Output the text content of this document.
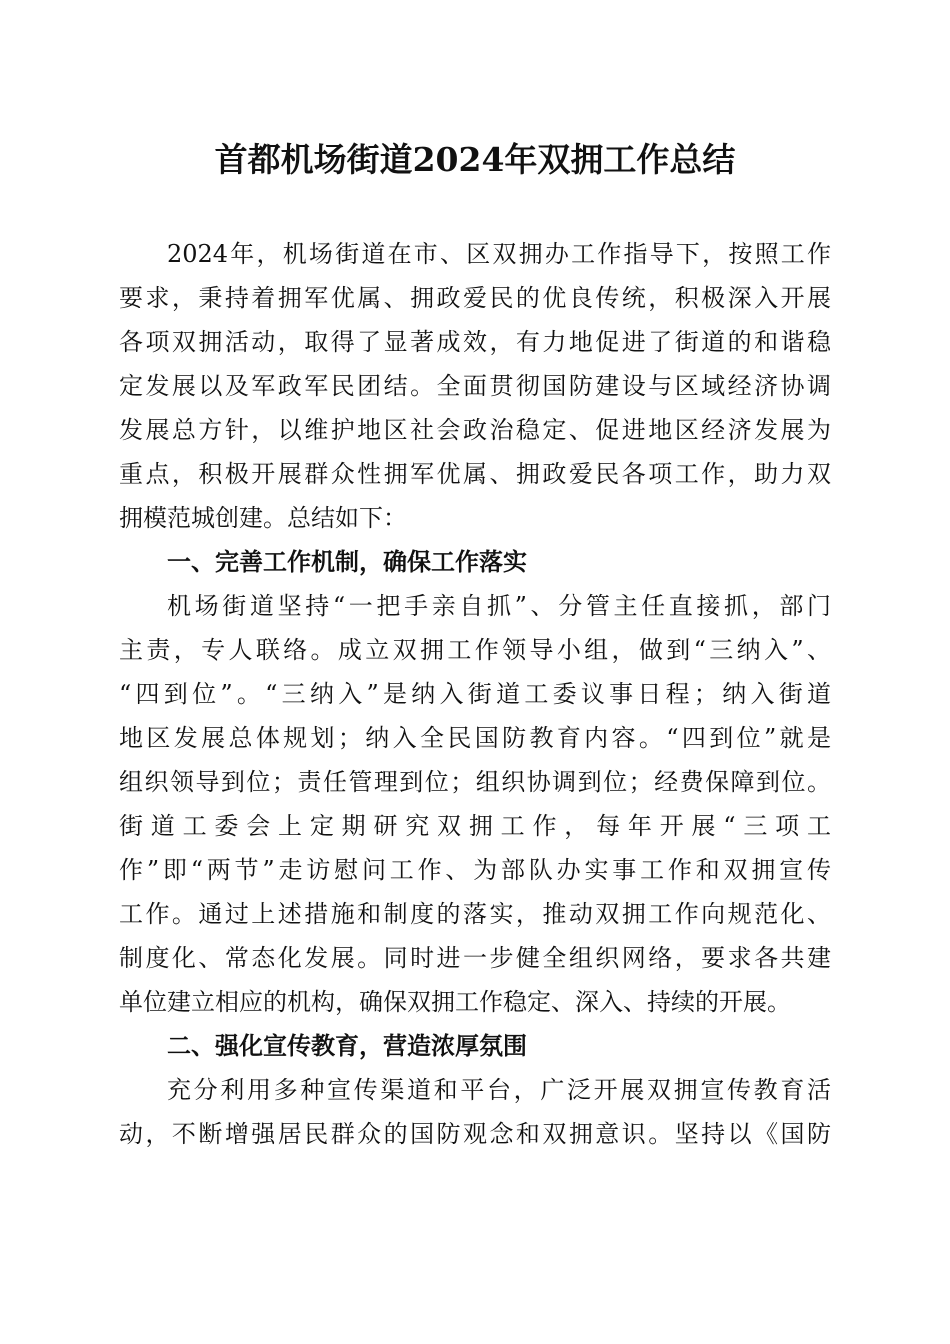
首都机场街道2024年双拥工作总结
2024年，机场街道在市、区双拥办工作指导下，按照工作
要求，秉持着拥军优属、拥政爱民的优良传统，积极深入开展
各项双拥活动，取得了显著成效，有力地促进了街道的和谐稳
定发展以及军政军民团结。全面贯彻国防建设与区域经济协调
发展总方针，以维护地区社会政治稳定、促进地区经济发展为
重点，积极开展群众性拥军优属、拥政爱民各项工作，助力双
拥模范城创建。总结如下：
一、完善工作机制，确保工作落实
机场街道坚持“一把手亲自抓”、分管主任直接抓，部门
主责，专人联络。成立双拥工作领导小组，做到“三纳入”、
“四到位”。“三纳入”是纳入街道工委议事日程；纳入街道
地区发展总体规划；纳入全民国防教育内容。“四到位”就是
组织领导到位；责任管理到位；组织协调到位；经费保障到位。
街道工委会上定期研究双拥工作，每年开展“三项工
作”即“两节”走访慰问工作、为部队办实事工作和双拥宣传
工作。通过上述措施和制度的落实，推动双拥工作向规范化、
制度化、常态化发展。同时进一步健全组织网络，要求各共建
单位建立相应的机构，确保双拥工作稳定、深入、持续的开展。
二、强化宣传教育，营造浓厚氛围
充分利用多种宣传渠道和平台，广泛开展双拥宣传教育活
动，不断增强居民群众的国防观念和双拥意识。坚持以《国防
